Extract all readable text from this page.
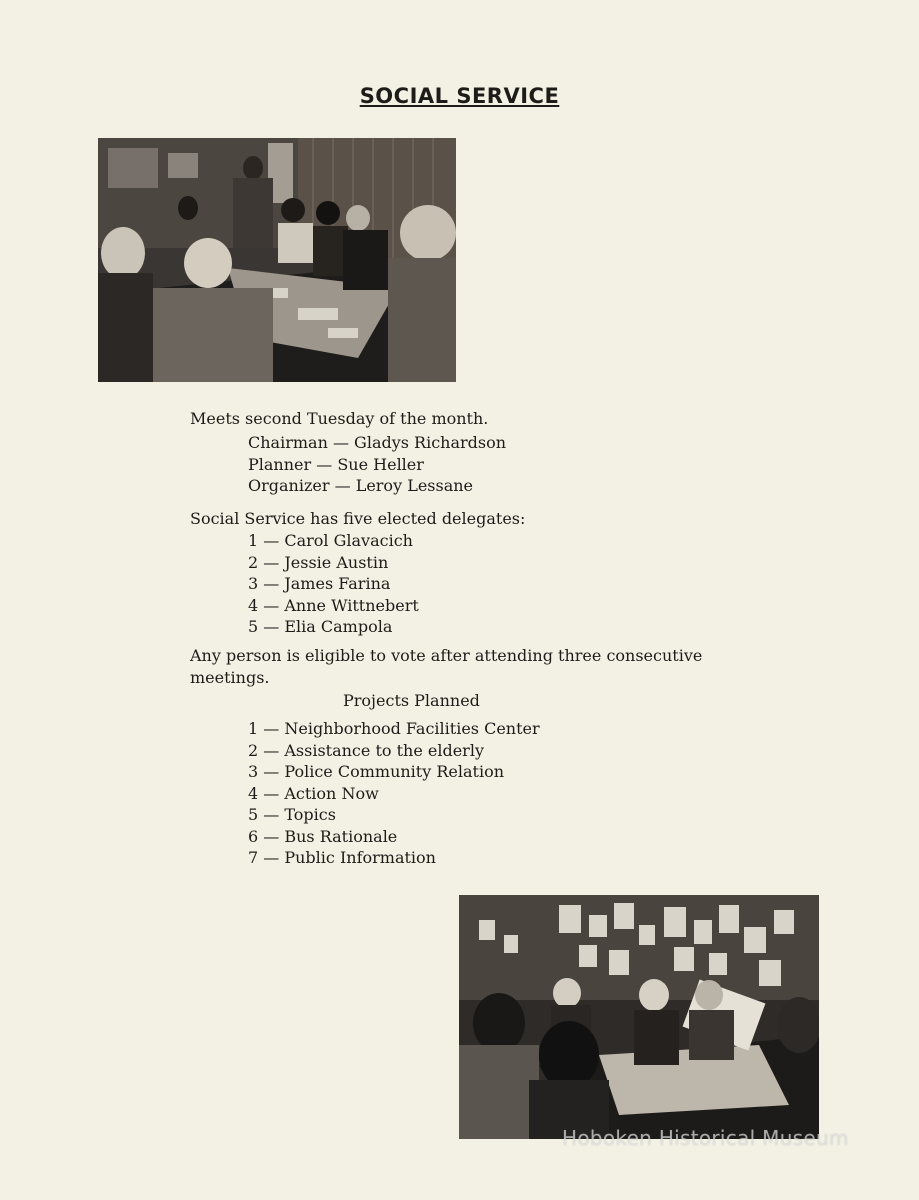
SOCIAL SERVICE
Meets second Tuesday of the month.
Chairman — Gladys Richardson
Planner — Sue Heller
Organizer — Leroy Lessane
Social Service has five elected delegates:
1 — Carol Glavacich
2 — Jessie Austin
3 — James Farina
4 — Anne Wittnebert
5 — Elia Campola
Any person is eligible to vote after attending three consecutive meetings.
Projects Planned
1 — Neighborhood Facilities Center
2 — Assistance to the elderly
3 — Police Community Relation
4 — Action Now
5 — Topics
6 — Bus Rationale
7 — Public Information
Hoboken Historical Museum
